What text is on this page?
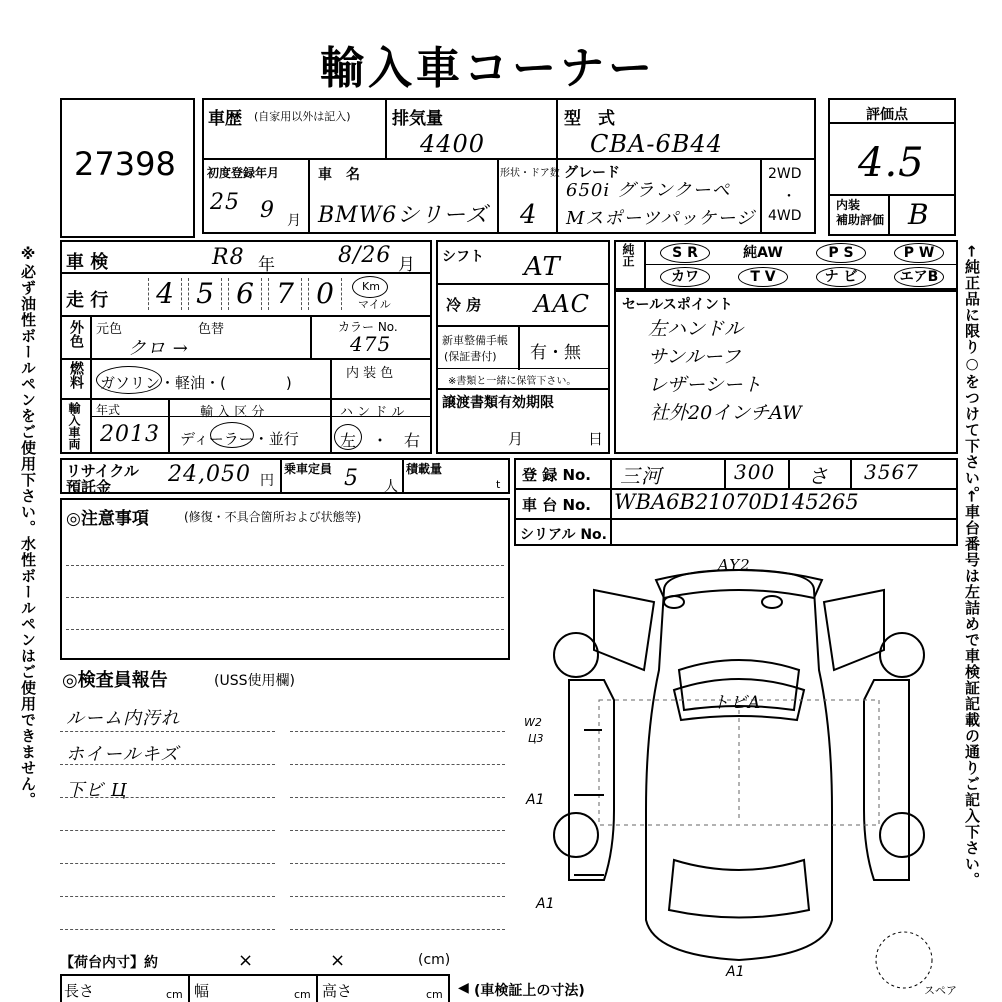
輸入車コーナー
※必ず油性ボールペンをご使用下さい。水性ボールペンはご使用できません。	←純正品に限り○をつけて下さい。
←車台番号は左詰めで車検証記載の通りご記入下さい。
27398
車歴 (自家用以外は記入) 排気量
4400
型　式
CBA-6B44
初度登録年月
25 9 月
車　名
BMW6シリーズ
形状・ドア数
4
グレード
650i グランクーペ
Mスポーツパッケージ
2WD
・
4WD
評価点
4.5
内装
補助評価 B
車 検	R8 年	8/26 月
走 行 4 5 6 7 0	Km
マイル
外色 元色	色替
クロ →
カラー No.
475
燃料 ガソリン・軽油・(　　　　)
内 装 色
輸入車両 年式
2013
輸 入 区 分
ディーラー・並行
ハ ン ド ル
左　・　右
シフト AT
冷 房 AAC
新車整備手帳
(保証書付) 有・無
※書類と一緒に保管下さい。
譲渡書類有効期限
月	日
純正	S R	純AW	P S	P W
カワ	T V	ナ ビ	エアB
セールスポイント
左ハンドル
サンルーフ
レザーシート
社外20インチAW
リサイクル
預託金	24,050 円
乗車定員 5 人
積載量
t
登 録 No. 三河	300 さ 3567
車 台 No. WBA6B21070D145265
シリアル No.
◎注意事項	(修復・不具合箇所および状態等)
◎検査員報告	(USS使用欄)
ルーム内汚れ
ホイールキズ
下ビ Ц
AY2
トビA
W2
Ц3
A1
A1
A1
スペア
【荷台内寸】約	×	×	(cm)
長さ	cm 幅	cm 高さ	cm ◀ (車検証上の寸法)
